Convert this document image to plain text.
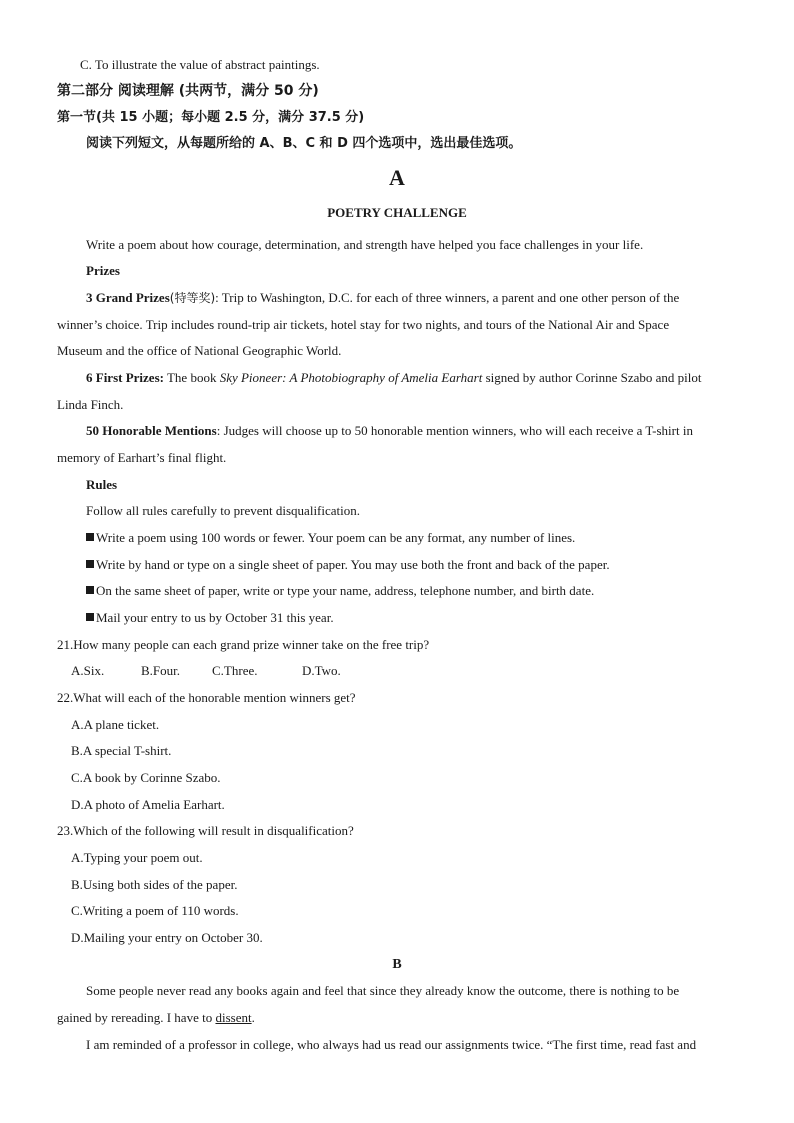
C. To illustrate the value of abstract paintings.
第二部分 阅读理解 (共两节，满分 50 分)
第一节(共 15 小题；每小题 2.5 分，满分 37.5 分)
阅读下列短文，从每题所给的 A、B、C 和 D 四个选项中，选出最佳选项。
A
POETRY CHALLENGE
Write a poem about how courage, determination, and strength have helped you face challenges in your life.
Prizes
3 Grand Prizes(特等奖): Trip to Washington, D.C. for each of three winners, a parent and one other person of the
winner’s choice. Trip includes round-trip air tickets, hotel stay for two nights, and tours of the National Air and Space
Museum and the office of National Geographic World.
6 First Prizes: The book Sky Pioneer: A Photobiography of Amelia Earhart signed by author Corinne Szabo and pilot
Linda Finch.
50 Honorable Mentions: Judges will choose up to 50 honorable mention winners, who will each receive a T-shirt in
memory of Earhart’s final flight.
Rules
Follow all rules carefully to prevent disqualification.
Write a poem using 100 words or fewer. Your poem can be any format, any number of lines.
Write by hand or type on a single sheet of paper. You may use both the front and back of the paper.
On the same sheet of paper, write or type your name, address, telephone number, and birth date.
Mail your entry to us by October 31 this year.
21.How many people can each grand prize winner take on the free trip?
A.Six.	B.Four. C.Three.	D.Two.
22.What will each of the honorable mention winners get?
A.A plane ticket.
B.A special T-shirt.
C.A book by Corinne Szabo.
D.A photo of Amelia Earhart.
23.Which of the following will result in disqualification?
A.Typing your poem out.
B.Using both sides of the paper.
C.Writing a poem of 110 words.
D.Mailing your entry on October 30.
B
Some people never read any books again and feel that since they already know the outcome, there is nothing to be
gained by rereading. I have to dissent.
I am reminded of a professor in college, who always had us read our assignments twice. “The first time, read fast and
